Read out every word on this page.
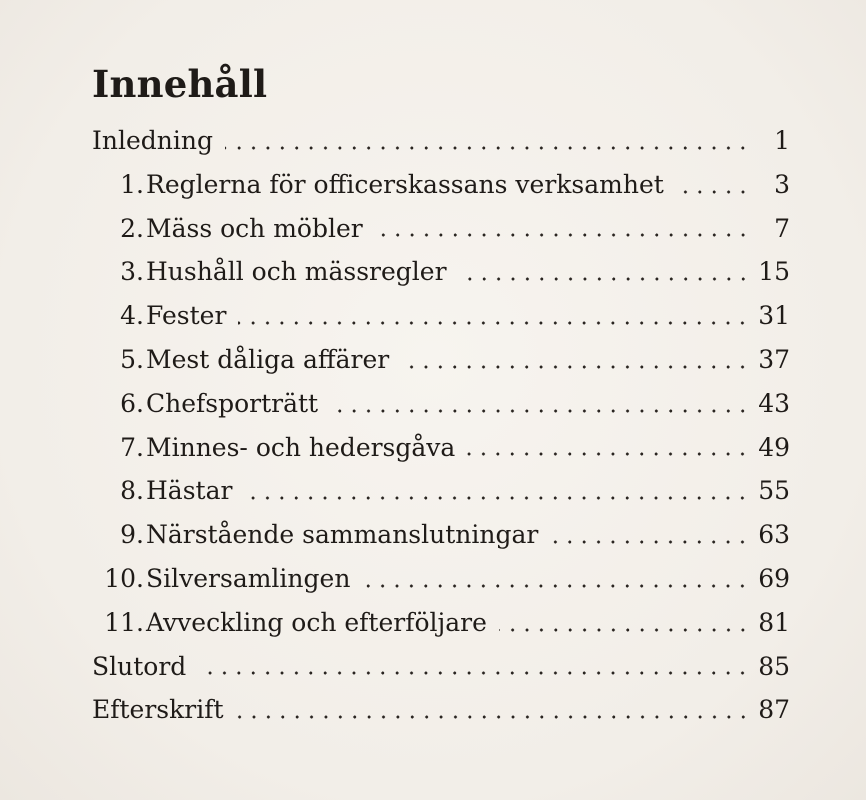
Innehåll
Inledning	1
1. Reglerna för officerskassans verksamhet	3
2. Mäss och möbler	7
3. Hushåll och mässregler	15
4. Fester	31
5. Mest dåliga affärer	37
6. Chefsporträtt	43
7. Minnes- och hedersgåva	49
8. Hästar	55
9. Närstående sammanslutningar	63
10. Silversamlingen	69
11. Avveckling och efterföljare	81
Slutord	85
Efterskrift	87
